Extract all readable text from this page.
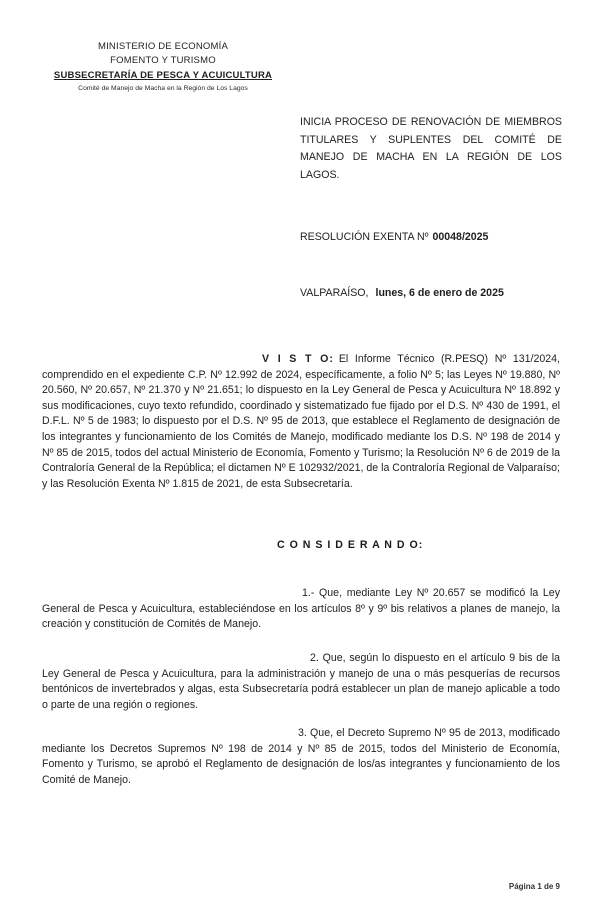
MINISTERIO DE ECONOMÍA
FOMENTO Y TURISMO
SUBSECRETARÍA DE PESCA Y ACUICULTURA
Comité de Manejo de Macha en la Región de Los Lagos
INICIA PROCESO DE RENOVACIÓN DE MIEMBROS TITULARES Y SUPLENTES DEL COMITÉ DE MANEJO DE MACHA EN LA REGIÓN DE LOS LAGOS.
RESOLUCIÓN EXENTA Nº 00048/2025
VALPARAÍSO, lunes, 6 de enero de 2025

V I S T O: El Informe Técnico (R.PESQ) Nº 131/2024, comprendido en el expediente C.P. Nº 12.992 de 2024, específicamente, a folio Nº 5; las Leyes Nº 19.880, Nº 20.560, Nº 20.657, Nº 21.370 y Nº 21.651; lo dispuesto en la Ley General de Pesca y Acuicultura Nº 18.892 y sus modificaciones, cuyo texto refundido, coordinado y sistematizado fue fijado por el D.S. Nº 430 de 1991, el D.F.L. Nº 5 de 1983; lo dispuesto por el D.S. Nº 95 de 2013, que establece el Reglamento de designación de los integrantes y funcionamiento de los Comités de Manejo, modificado mediante los D.S. Nº 198 de 2014 y Nº 85 de 2015, todos del actual Ministerio de Economía, Fomento y Turismo; la Resolución Nº 6 de 2019 de la Contraloría General de la República; el dictamen Nº E 102932/2021, de la Contraloría Regional de Valparaíso; y las Resolución Exenta Nº 1.815 de 2021, de esta Subsecretaría.

C O N S I D E R A N D O:

1.- Que, mediante Ley Nº 20.657 se modificó la Ley General de Pesca y Acuicultura, estableciéndose en los artículos 8º y 9º bis relativos a planes de manejo, la creación y constitución de Comités de Manejo.

2. Que, según lo dispuesto en el artículo 9 bis de la Ley General de Pesca y Acuicultura, para la administración y manejo de una o más pesquerías de recursos bentónicos de invertebrados y algas, esta Subsecretaría podrá establecer un plan de manejo aplicable a todo o parte de una región o regiones.

3. Que, el Decreto Supremo Nº 95 de 2013, modificado mediante los Decretos Supremos Nº 198 de 2014 y Nº 85 de 2015, todos del Ministerio de Economía, Fomento y Turismo, se aprobó el Reglamento de designación de los/as integrantes y funcionamiento de los Comité de Manejo.

Página 1 de 9
